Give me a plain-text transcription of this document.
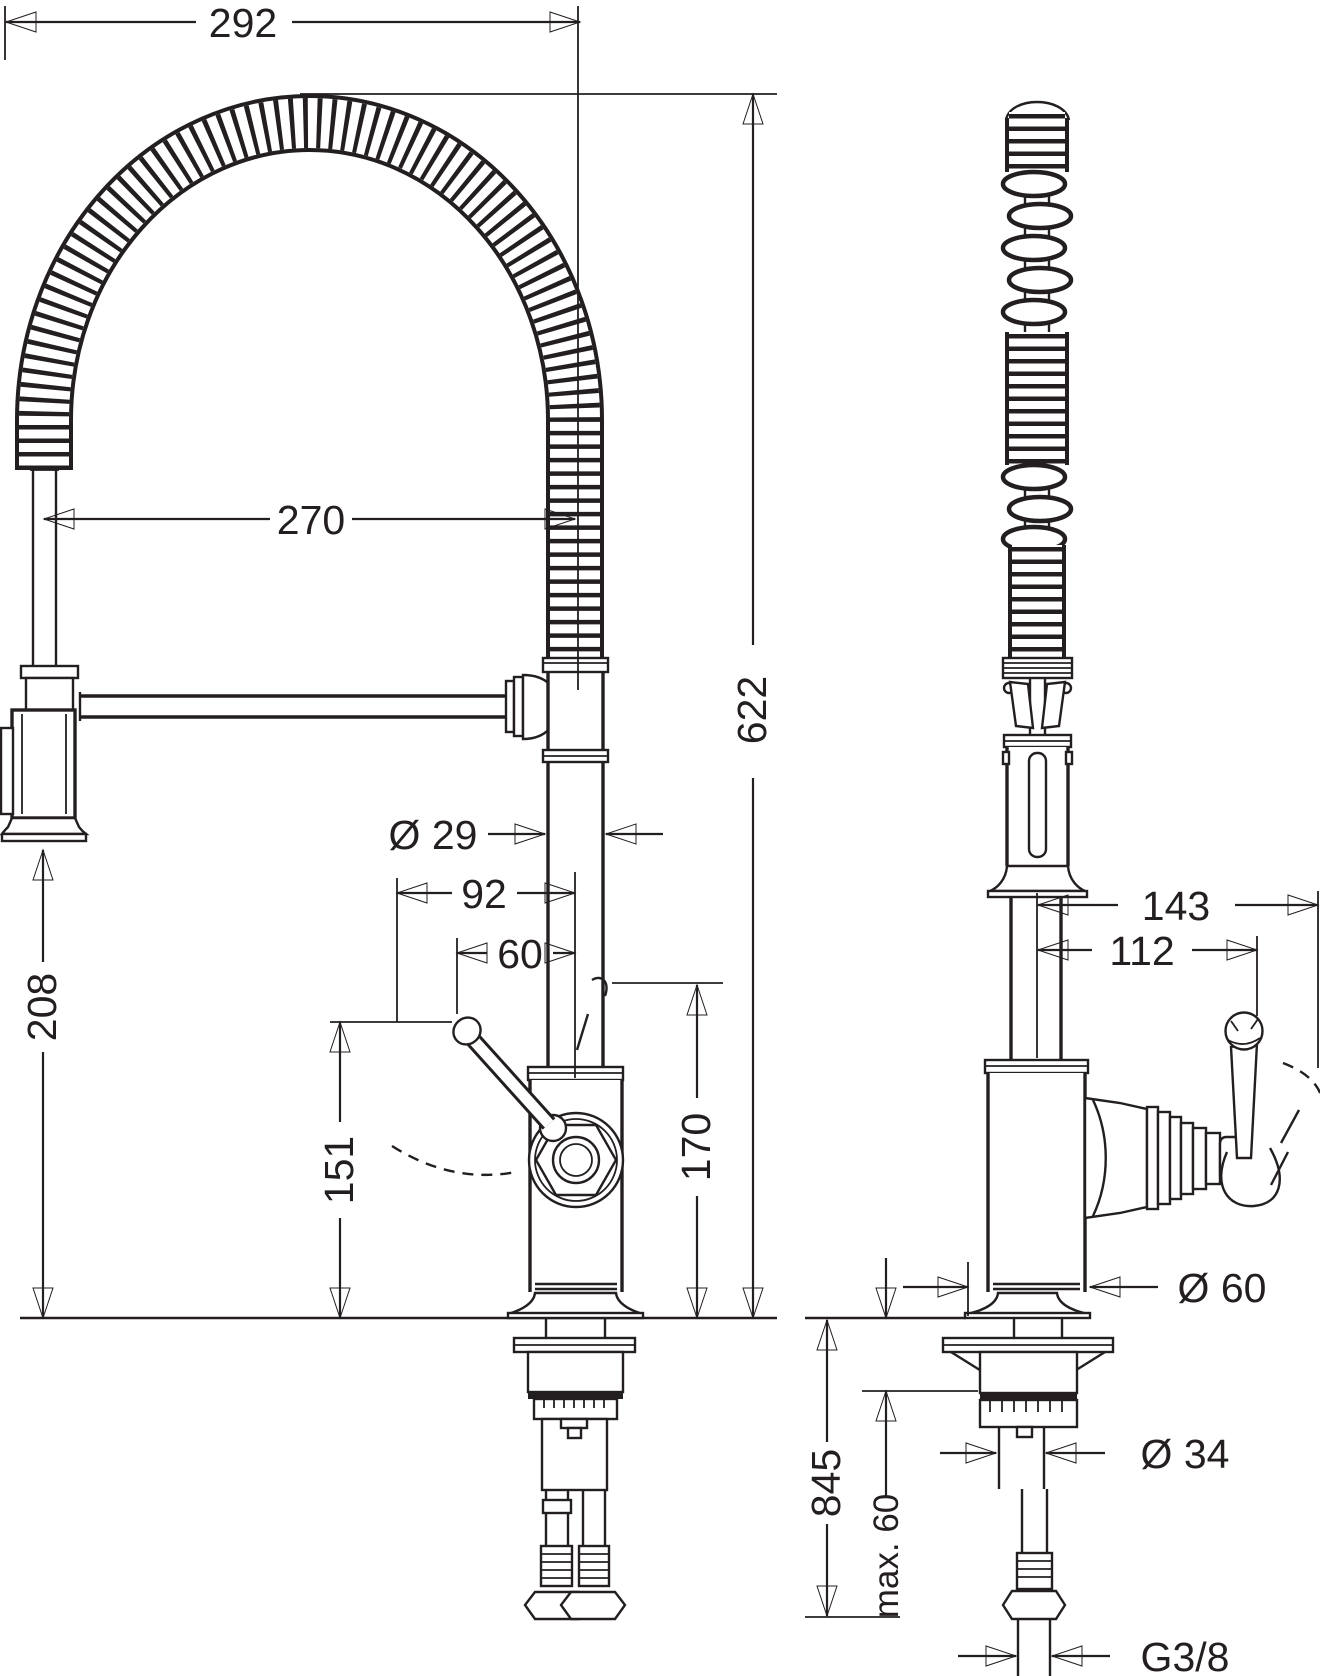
292
270
622
208
Ø 29
92
60
151	170
143
112
Ø 60
845
max. 60
Ø 34
G3/8
